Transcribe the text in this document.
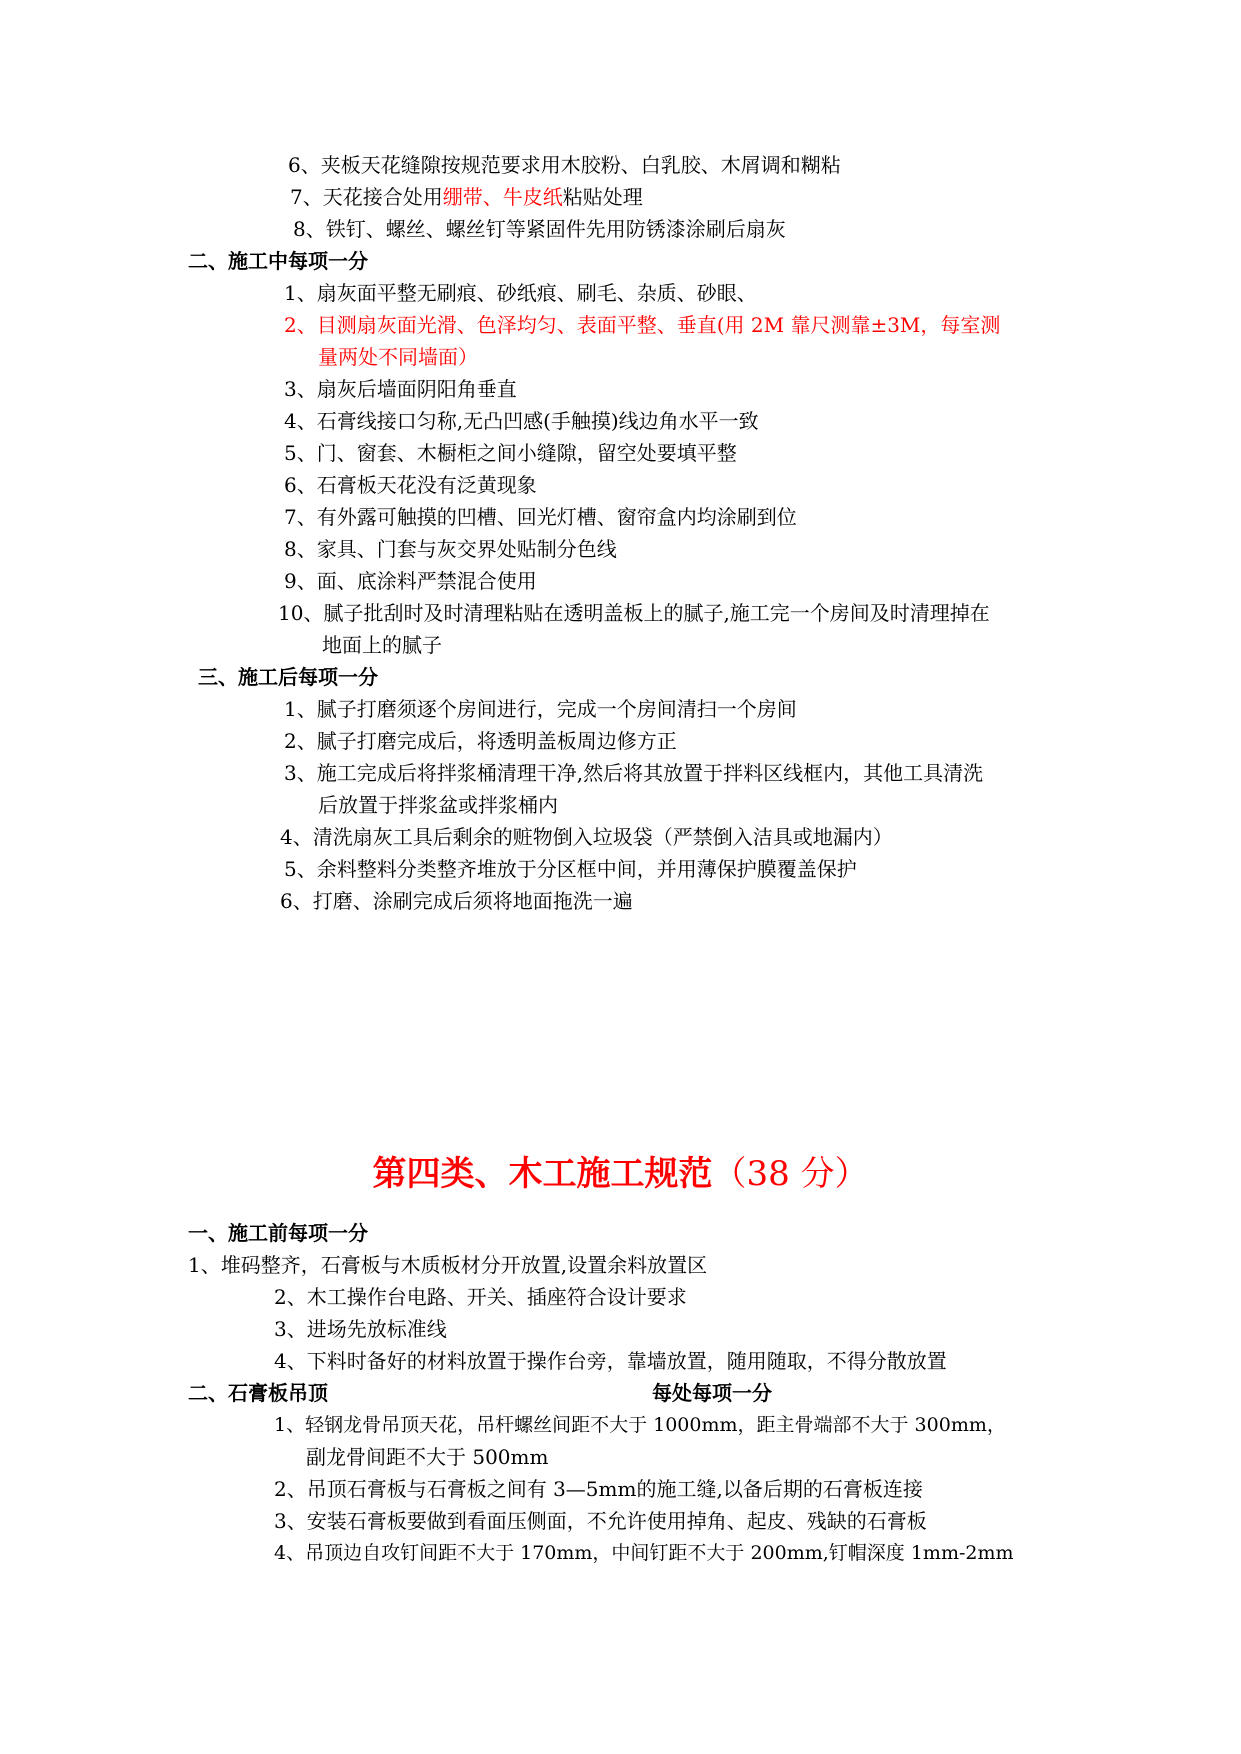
6、夹板天花缝隙按规范要求用木胶粉、白乳胶、木屑调和糊粘
7、天花接合处用绷带、牛皮纸粘贴处理
8、铁钉、螺丝、螺丝钉等紧固件先用防锈漆涂刷后扇灰
二、施工中每项一分
1、扇灰面平整无刷痕、砂纸痕、刷毛、杂质、砂眼、
2、目测扇灰面光滑、色泽均匀、表面平整、垂直(用 2M 靠尺测靠±3M，每室测
量两处不同墙面）
3、扇灰后墙面阴阳角垂直
4、石膏线接口匀称,无凸凹感(手触摸)线边角水平一致
5、门、窗套、木橱柜之间小缝隙，留空处要填平整
6、石膏板天花没有泛黄现象
7、有外露可触摸的凹槽、回光灯槽、窗帘盒内均涂刷到位
8、家具、门套与灰交界处贴制分色线
9、面、底涂料严禁混合使用
10、腻子批刮时及时清理粘贴在透明盖板上的腻子,施工完一个房间及时清理掉在
地面上的腻子
三、施工后每项一分
1、腻子打磨须逐个房间进行，完成一个房间清扫一个房间
2、腻子打磨完成后，将透明盖板周边修方正
3、施工完成后将拌浆桶清理干净,然后将其放置于拌料区线框内，其他工具清洗
后放置于拌浆盆或拌浆桶内
4、清洗扇灰工具后剩余的赃物倒入垃圾袋（严禁倒入洁具或地漏内）
5、余料整料分类整齐堆放于分区框中间，并用薄保护膜覆盖保护
6、打磨、涂刷完成后须将地面拖洗一遍
第四类、木工施工规范（38 分）
一、施工前每项一分
1、堆码整齐，石膏板与木质板材分开放置,设置余料放置区
2、木工操作台电路、开关、插座符合设计要求
3、进场先放标准线
4、下料时备好的材料放置于操作台旁，靠墙放置，随用随取，不得分散放置
二、石膏板吊顶	每处每项一分
1、轻钢龙骨吊顶天花，吊杆螺丝间距不大于 1000mm，距主骨端部不大于 300mm，
副龙骨间距不大于 500mm
2、吊顶石膏板与石膏板之间有 3—5mm的施工缝,以备后期的石膏板连接
3、安装石膏板要做到看面压侧面，不允许使用掉角、起皮、残缺的石膏板
4、吊顶边自攻钉间距不大于 170mm，中间钉距不大于 200mm,钉帽深度 1mm-2mm
